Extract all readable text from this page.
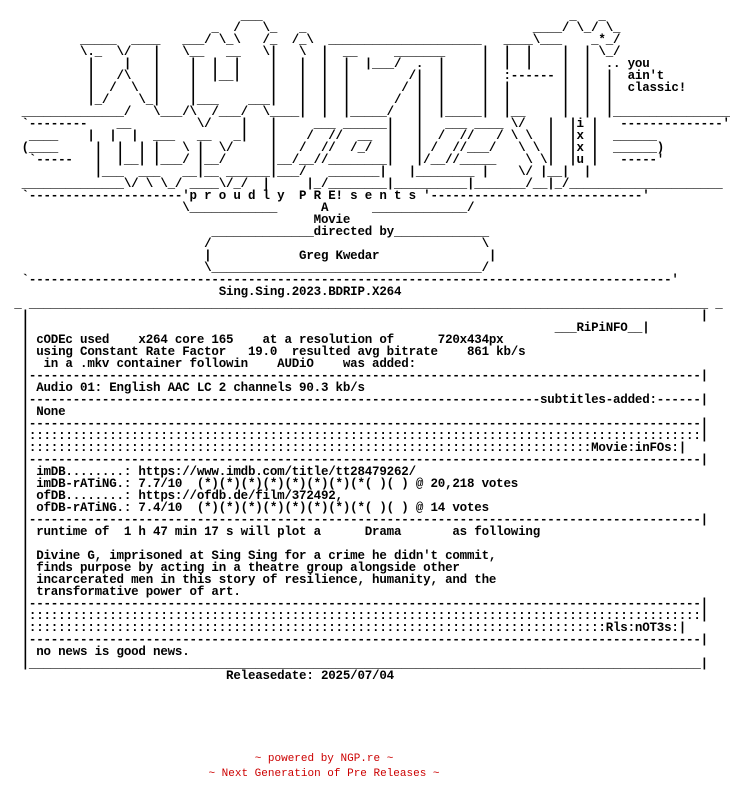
___                                          _   _
_  /   \_   _                               ____/ \_/ \_
_____  ____   ___/ \_\   /_  /_\  _____________________   ____\___    _*_/
\._  \/   |   \__   __   \|   \  |  __     _______     |  |  |    |  | \_/
|    |   |    |  |  |    |   |  |  |  |___/  .  |     |  |  |    |  |  .. you
|   /\   |    |  |__|    |   |  |  |        /|  |     |  :------ |  |  |  ain't
|  /  \  |    |          |   |  |  |       / |  |     |  |       |  |  |  classic!
|_/    \_|    |___    ___|   |  |  |      /  |  |     |  |       |  |  |
______________/   \___/\  /___/  \____|  |  |_____/   |  |_____|  |__     |  |  |________________
`--------    __         \/    |   |     ___ ______|   |   ___ ____ \/   |  |i |   --------------'
____    |  |  |  ___   __   _|   |    /  //  __  |   |  /  //   / \ \  |  |x |  ______
(____     |  |  | |   \ |  \/     |   /  //  /_/  |   | /  //___/   \ \ |  |x |  ______)
`-----   |  |__| |___/ |__/      |__/__//________|   |/__//_____    \ \|  |u |   -----'
|___  ___   __|__ ______|___/   _______|   |________ |    \/ |__|  |
______________\/ \ \_/ ____\/_/  |     |_/________|__________|_______/__|_/_____________________
`---------------------'p r o u d l y  P R E! s e n t s '-----------------------------'
\____________      A      _____________/
Movie
______________directed by_____________
/                                     \
|            Greg Kwedar               |
\_____________________________________/
`----------------------------------------------------------------------------------------'
Sing.Sing.2023.BDRIP.X264
_ _____________________________________________________________________________________________ _
|                                                                                            |
|                                                                        ___RiPiNFO__|
| cODEc used    x264 core 165    at a resolution of      720x434px
| using Constant Rate Factor   19.0  resulted avg bitrate    861 kb/s
|  in a .mkv container followin    AUDiO    was added:
|--------------------------------------------------------------------------------------------|
| Audio 01: English AAC LC 2 channels 90.3 kb/s
|----------------------------------------------------------------------subtitles-added:------|
| None
|--------------------------------------------------------------------------------------------|
|::::::::::::::::::::::::::::::::::::::::::::::::::::::::::::::::::::::::::::::::::::::::::::|
|:::::::::::::::::::::::::::::::::::::::::::::::::::::::::::::::::::::::::::::Movie:inFOs:|
|--------------------------------------------------------------------------------------------|
| imDB........: https://www.imdb.com/title/tt28479262/
| imDB-rATiNG.: 7.7/10  (*)(*)(*)(*)(*)(*)(*)(*( )( ) @ 20,218 votes
| ofDB........: https://ofdb.de/film/372492,
| ofDB-rATiNG.: 7.4/10  (*)(*)(*)(*)(*)(*)(*)(*( )( ) @ 14 votes
|--------------------------------------------------------------------------------------------|
| runtime of  1 h 47 min 17 s will plot a      Drama       as following
|
| Divine G, imprisoned at Sing Sing for a crime he didn't commit,
| finds purpose by acting in a theatre group alongside other
| incarcerated men in this story of resilience, humanity, and the
| transformative power of art.
|--------------------------------------------------------------------------------------------|
|::::::::::::::::::::::::::::::::::::::::::::::::::::::::::::::::::::::::::::::::::::::::::::|
|:::::::::::::::::::::::::::::::::::::::::::::::::::::::::::::::::::::::::::::::Rls:nOT3s:|
|--------------------------------------------------------------------------------------------|
| no news is good news.
|____________________________________________________________________________________________|
Releasedate: 2025/07/04
~ powered by NGP.re ~
~ Next Generation of Pre Releases ~
